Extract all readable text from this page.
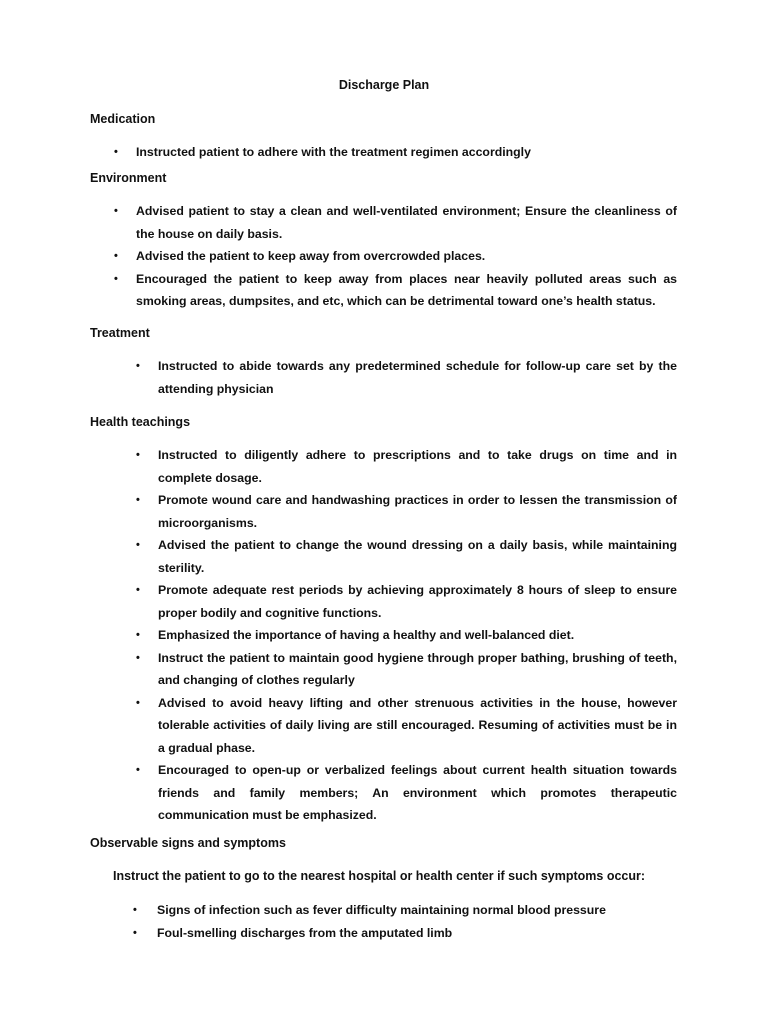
Discharge Plan
Medication
• Instructed patient to adhere with the treatment regimen accordingly
Environment
• Advised patient to stay a clean and well-ventilated environment; Ensure the cleanliness of the house on daily basis.
• Advised the patient to keep away from overcrowded places.
• Encouraged the patient to keep away from places near heavily polluted areas such as smoking areas, dumpsites, and etc, which can be detrimental toward one’s health status.
Treatment
• Instructed to abide towards any predetermined schedule for follow-up care set by the attending physician
Health teachings
• Instructed to diligently adhere to prescriptions and to take drugs on time and in complete dosage.
• Promote wound care and handwashing practices in order to lessen the transmission of microorganisms.
• Advised the patient to change the wound dressing on a daily basis, while maintaining sterility.
• Promote adequate rest periods by achieving approximately 8 hours of sleep to ensure proper bodily and cognitive functions.
• Emphasized the importance of having a healthy and well-balanced diet.
• Instruct the patient to maintain good hygiene through proper bathing, brushing of teeth, and changing of clothes regularly
• Advised to avoid heavy lifting and other strenuous activities in the house, however tolerable activities of daily living are still encouraged. Resuming of activities must be in a gradual phase.
• Encouraged to open-up or verbalized feelings about current health situation towards friends and family members; An environment which promotes therapeutic communication must be emphasized.
Observable signs and symptoms
Instruct the patient to go to the nearest hospital or health center if such symptoms occur:
• Signs of infection such as fever difficulty maintaining normal blood pressure
• Foul-smelling discharges from the amputated limb
